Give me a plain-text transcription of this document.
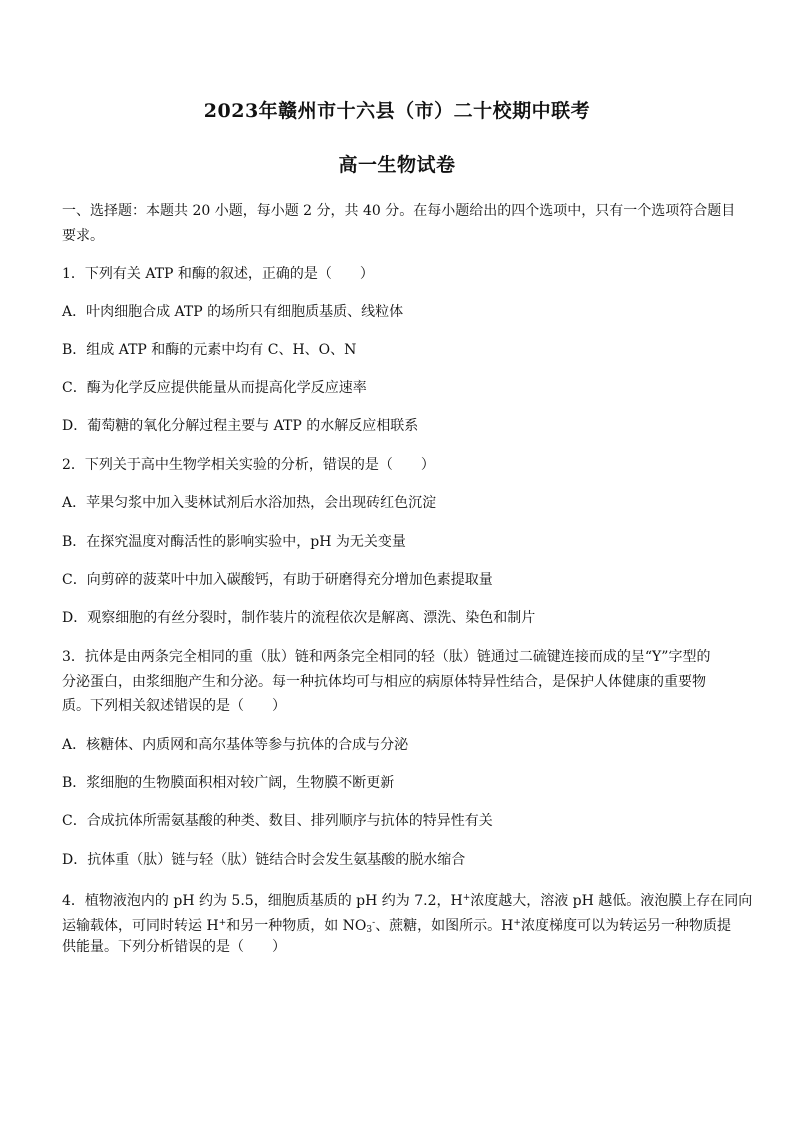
2023年赣州市十六县（市）二十校期中联考
高一生物试卷
一、选择题：本题共 20 小题，每小题 2 分，共 40 分。在每小题给出的四个选项中，只有一个选项符合题目
要求。
1．下列有关 ATP 和酶的叙述，正确的是（　　）
A．叶肉细胞合成 ATP 的场所只有细胞质基质、线粒体
B．组成 ATP 和酶的元素中均有 C、H、O、N
C．酶为化学反应提供能量从而提高化学反应速率
D．葡萄糖的氧化分解过程主要与 ATP 的水解反应相联系
2．下列关于高中生物学相关实验的分析，错误的是（　　）
A．苹果匀浆中加入斐林试剂后水浴加热，会出现砖红色沉淀
B．在探究温度对酶活性的影响实验中，pH 为无关变量
C．向剪碎的菠菜叶中加入碳酸钙，有助于研磨得充分增加色素提取量
D．观察细胞的有丝分裂时，制作装片的流程依次是解离、漂洗、染色和制片
3．抗体是由两条完全相同的重（肽）链和两条完全相同的轻（肽）链通过二硫键连接而成的呈“Y”字型的
分泌蛋白，由浆细胞产生和分泌。每一种抗体均可与相应的病原体特异性结合，是保护人体健康的重要物
质。下列相关叙述错误的是（　　）
A．核糖体、内质网和高尔基体等参与抗体的合成与分泌
B．浆细胞的生物膜面积相对较广阔，生物膜不断更新
C．合成抗体所需氨基酸的种类、数目、排列顺序与抗体的特异性有关
D．抗体重（肽）链与轻（肽）链结合时会发生氨基酸的脱水缩合
4．植物液泡内的 pH 约为 5.5，细胞质基质的 pH 约为 7.2，H+浓度越大，溶液 pH 越低。液泡膜上存在同向
运输载体，可同时转运 H+和另一种物质，如 $NO_3^-$、蔗糖，如图所示。H+浓度梯度可以为转运另一种物质提
供能量。下列分析错误的是（　　）
